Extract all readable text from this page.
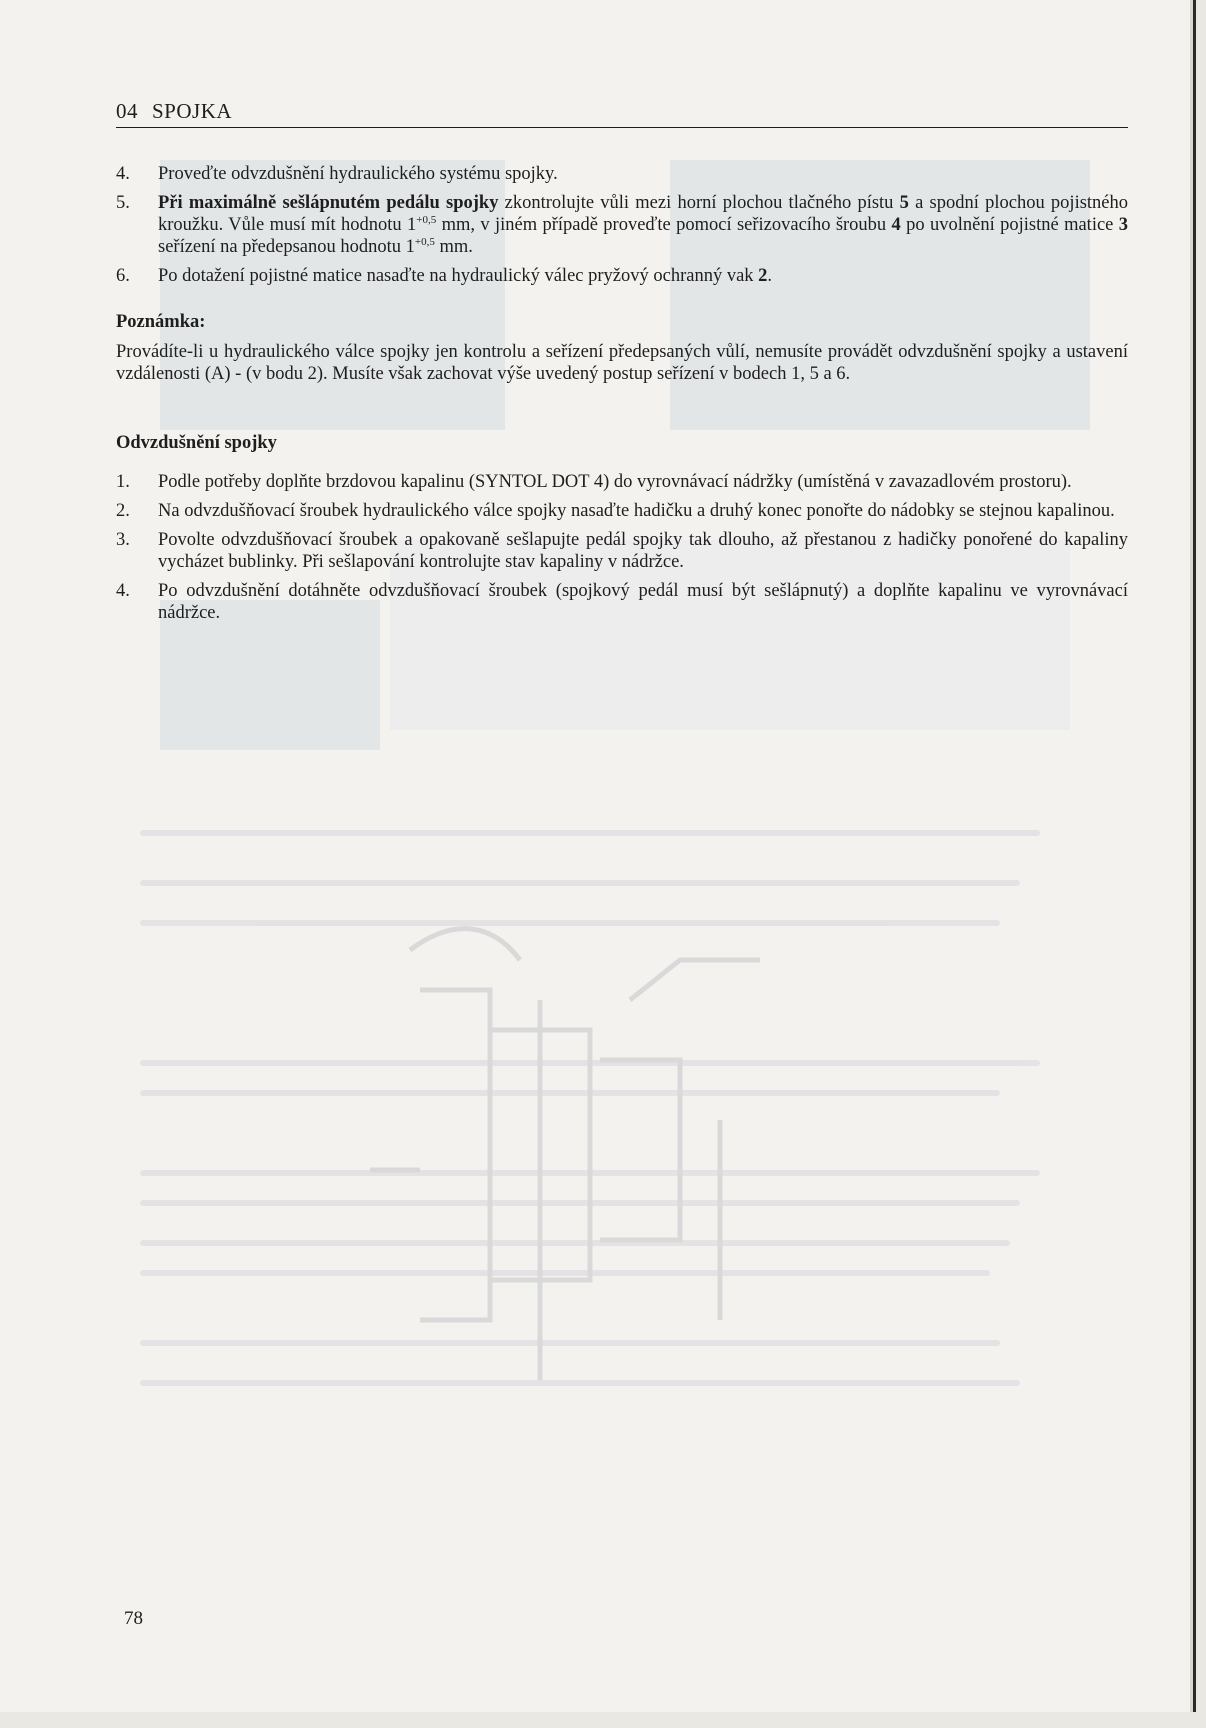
04 SPOJKA
4.	Proveďte odvzdušnění hydraulického systému spojky.
5.	Při maximálně sešlápnutém pedálu spojky zkontrolujte vůli mezi horní plochou tlačného pístu 5 a spodní plochou pojistného kroužku. Vůle musí mít hodnotu $1^{+0,5}$ mm, v jiném případě proveďte pomocí seřizovacího šroubu 4 po uvolnění pojistné matice 3 seřízení na předepsanou hodnotu $1^{+0,5}$ mm.
6.	Po dotažení pojistné matice nasaďte na hydraulický válec pryžový ochranný vak 2.
Poznámka:
Provádíte-li u hydraulického válce spojky jen kontrolu a seřízení předepsaných vůlí, nemusíte provádět odvzdušnění spojky a ustavení vzdálenosti (A) - (v bodu 2). Musíte však zachovat výše uvedený postup seřízení v bodech 1, 5 a 6.
Odvzdušnění spojky
1.	Podle potřeby doplňte brzdovou kapalinu (SYNTOL DOT 4) do vyrovnávací nádržky (umístěná v zavazadlovém prostoru).
2.	Na odvzdušňovací šroubek hydraulického válce spojky nasaďte hadičku a druhý konec ponořte do nádobky se stejnou kapalinou.
3.	Povolte odvzdušňovací šroubek a opakovaně sešlapujte pedál spojky tak dlouho, až přestanou z hadičky ponořené do kapaliny vycházet bublinky. Při sešlapování kontrolujte stav kapaliny v nádržce.
4.	Po odvzdušnění dotáhněte odvzdušňovací šroubek (spojkový pedál musí být sešlápnutý) a doplňte kapalinu ve vyrovnávací nádržce.
78
